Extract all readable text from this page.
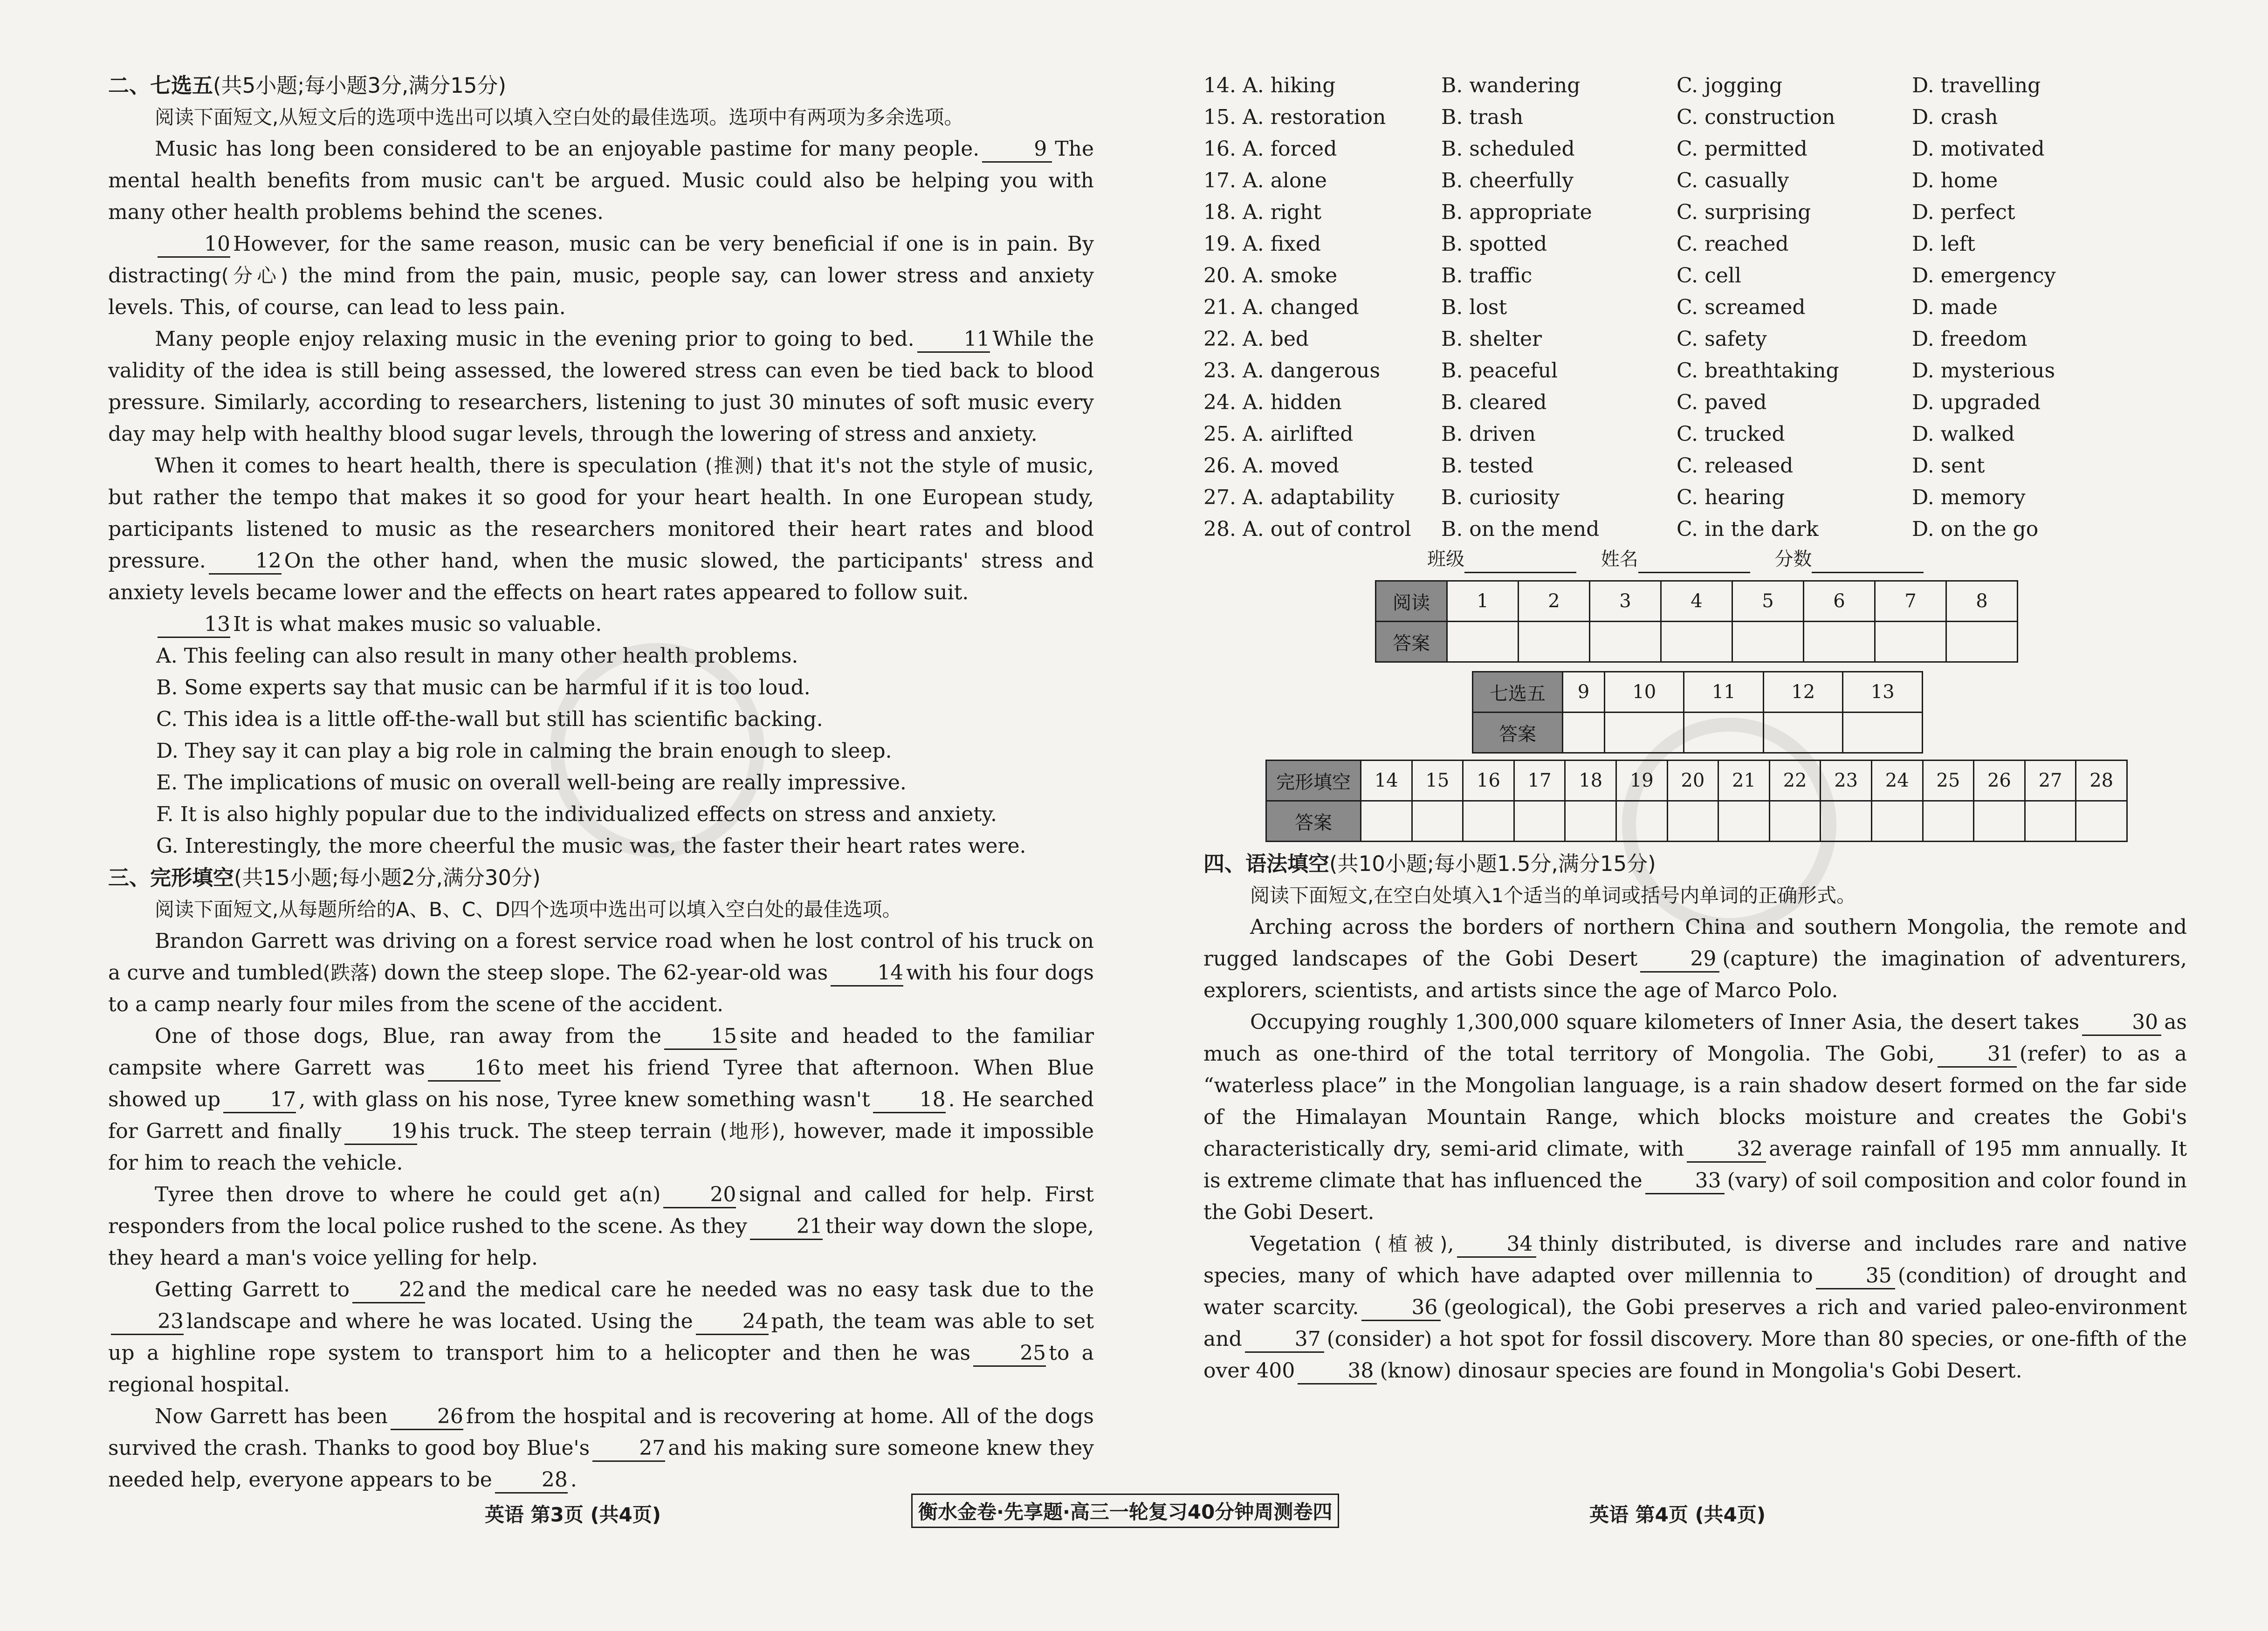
二、七选五(共5小题;每小题3分,满分15分)

阅读下面短文,从短文后的选项中选出可以填入空白处的最佳选项。选项中有两项为多余选项。

Music has long been considered to be an enjoyable pastime for many people.	9 The mental health benefits from music can't be argued. Music could also be helping you with many other health problems behind the scenes.

10 However, for the same reason, music can be very beneficial if one is in pain. By distracting(分心) the mind from the pain, music, people say, can lower stress and anxiety levels. This, of course, can lead to less pain.

Many people enjoy relaxing music in the evening prior to going to bed. 11 While the validity of the idea is still being assessed, the lowered stress can even be tied back to blood pressure. Similarly, according to researchers, listening to just 30 minutes of soft music every day may help with healthy blood sugar levels, through the lowering of stress and anxiety.

When it comes to heart health, there is speculation (推测) that it's not the style of music, but rather the tempo that makes it so good for your heart health. In one European study, participants listened to music as the researchers monitored their heart rates and blood pressure. 12 On the other hand, when the music slowed, the participants' stress and anxiety levels became lower and the effects on heart rates appeared to follow suit.

13 It is what makes music so valuable.

A. This feeling can also result in many other health problems.
B. Some experts say that music can be harmful if it is too loud.
C. This idea is a little off-the-wall but still has scientific backing.
D. They say it can play a big role in calming the brain enough to sleep.
E. The implications of music on overall well-being are really impressive.
F. It is also highly popular due to the individualized effects on stress and anxiety.
G. Interestingly, the more cheerful the music was, the faster their heart rates were.
三、完形填空(共15小题;每小题2分,满分30分)

阅读下面短文,从每题所给的A、B、C、D四个选项中选出可以填入空白处的最佳选项。

Brandon Garrett was driving on a forest service road when he lost control of his truck on a curve and tumbled(跌落) down the steep slope. The 62-year-old was 14 with his four dogs to a camp nearly four miles from the scene of the accident.

One of those dogs, Blue, ran away from the 15 site and headed to the familiar campsite where Garrett was 16 to meet his friend Tyree that afternoon. When Blue showed up 17 , with glass on his nose, Tyree knew something wasn't 18 . He searched for Garrett and finally 19 his truck. The steep terrain (地形), however, made it impossible for him to reach the vehicle.

Tyree then drove to where he could get a(n) 20 signal and called for help. First responders from the local police rushed to the scene. As they 21 their way down the slope, they heard a man's voice yelling for help.

Getting Garrett to 22 and the medical care he needed was no easy task due to the23 landscape and where he was located. Using the 24 path, the team was able to set up a highline rope system to transport him to a helicopter and then he was 25 to a regional hospital.

Now Garrett has been 26 from the hospital and is recovering at home. All of the dogs survived the crash. Thanks to good boy Blue's 27 and his making sure someone knew they needed help, everyone appears to be 28 .

14. A. hiking	B. wandering	C. jogging	D. travelling
15. A. restoration	B. trash	C. construction	D. crash
16. A. forced	B. scheduled	C. permitted	D. motivated
17. A. alone	B. cheerfully	C. casually	D. home
18. A. right	B. appropriate	C. surprising	D. perfect
19. A. fixed	B. spotted	C. reached	D. left
20. A. smoke	B. traffic	C. cell	D. emergency
21. A. changed	B. lost	C. screamed	D. made
22. A. bed	B. shelter	C. safety	D. freedom
23. A. dangerous	B. peaceful	C. breathtaking	D. mysterious
24. A. hidden	B. cleared	C. paved	D. upgraded
25. A. airlifted	B. driven	C. trucked	D. walked
26. A. moved	B. tested	C. released	D. sent
27. A. adaptability	B. curiosity	C. hearing	D. memory
28. A. out of control	B. on the mend	C. in the dark	D. on the go
班级	姓名	分数
阅读	1	2	3	4	5	6	7	8
答案								
七选五	9	10	11	12	13
答案					
完形填空	14	15	16	17	18	19	20	21	22	23	24	25	26	27	28
答案															
四、语法填空(共10小题;每小题1.5分,满分15分)

阅读下面短文,在空白处填入1个适当的单词或括号内单词的正确形式。

Arching across the borders of northern China and southern Mongolia, the remote and rugged landscapes of the Gobi Desert	29 (capture) the imagination of adventurers, explorers, scientists, and artists since the age of Marco Polo.

Occupying roughly 1,300,000 square kilometers of Inner Asia, the desert takes	30 as much as one-third of the total territory of Mongolia. The Gobi,	31 (refer) to as a “waterless place” in the Mongolian language, is a rain shadow desert formed on the far side of the Himalayan Mountain Range, which blocks moisture and creates the Gobi's characteristically dry, semi-arid climate, with	32 average rainfall of 195 mm annually. It is extreme climate that has influenced the	33 (vary) of soil composition and color found in the Gobi Desert.

Vegetation (植被),	34 thinly distributed, is diverse and includes rare and native species, many of which have adapted over millennia to	35 (condition) of drought and water scarcity.	36 (geological), the Gobi preserves a rich and varied paleo-environment and	37 (consider) a hot spot for fossil discovery. More than 80 species, or one-fifth of the over 400	38 (know) dinosaur species are found in Mongolia's Gobi Desert.

英语 第3页 (共4页)	衡水金卷·先享题·高三一轮复习40分钟周测卷四	英语 第4页 (共4页)
